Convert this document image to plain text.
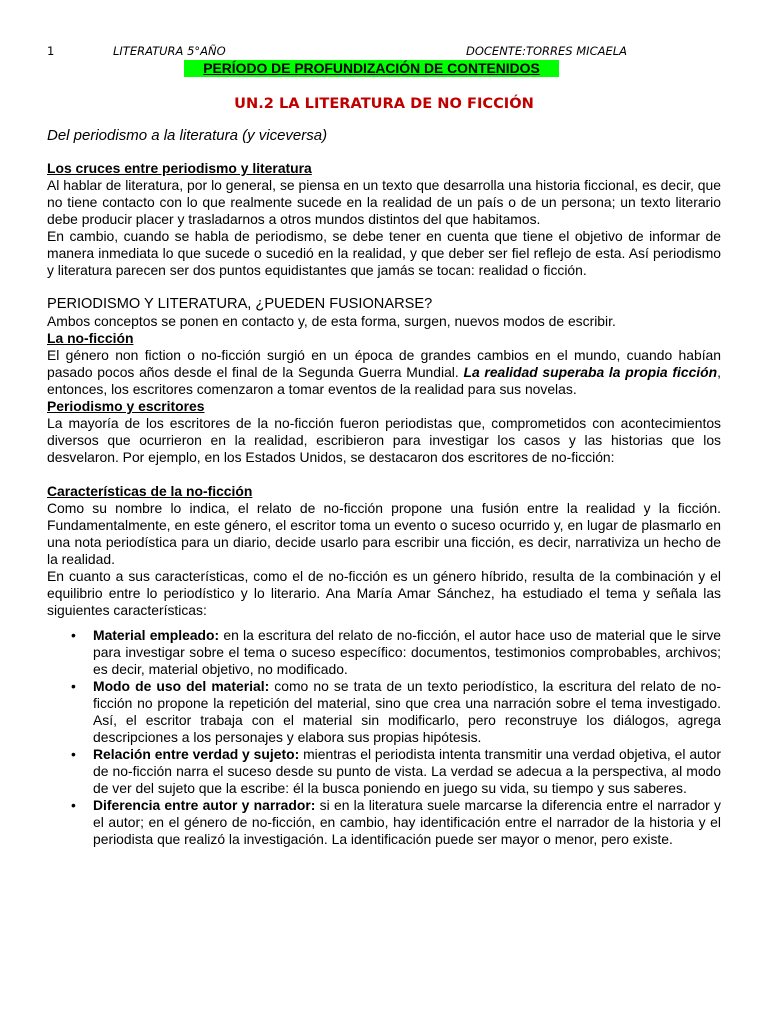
1	LITERATURA 5°AÑO	DOCENTE:TORRES MICAELA
PERÍODO DE PROFUNDIZACIÓN DE CONTENIDOS
UN.2 LA LITERATURA DE NO FICCIÓN

Del periodismo a la literatura (y viceversa)

Los cruces entre periodismo y literatura

Al hablar de literatura, por lo general, se piensa en un texto que desarrolla una historia ficcional, es decir, que no tiene contacto con lo que realmente sucede en la realidad de un país o de un persona; un texto literario debe producir placer y trasladarnos a otros mundos distintos del que habitamos.

En cambio, cuando se habla de periodismo, se debe tener en cuenta que tiene el objetivo de informar de manera inmediata lo que sucede o sucedió en la realidad, y que deber ser fiel reflejo de esta. Así periodismo y literatura parecen ser dos puntos equidistantes que jamás se tocan: realidad o ficción.

PERIODISMO Y LITERATURA, ¿PUEDEN FUSIONARSE?

Ambos conceptos se ponen en contacto y, de esta forma, surgen, nuevos modos de escribir.

La no-ficción

El género non fiction o no-ficción surgió en un época de grandes cambios en el mundo, cuando habían pasado pocos años desde el final de la Segunda Guerra Mundial. La realidad superaba la propia ficción, entonces, los escritores comenzaron a tomar eventos de la realidad para sus novelas.

Periodismo y escritores

La mayoría de los escritores de la no-ficción fueron periodistas que, comprometidos con acontecimientos diversos que ocurrieron en la realidad, escribieron para investigar los casos y las historias que los desvelaron. Por ejemplo, en los Estados Unidos, se destacaron dos escritores de no-ficción:

Características de la no-ficción

Como su nombre lo indica, el relato de no-ficción propone una fusión entre la realidad y la ficción. Fundamentalmente, en este género, el escritor toma un evento o suceso ocurrido y, en lugar de plasmarlo en una nota periodística para un diario, decide usarlo para escribir una ficción, es decir, narrativiza un hecho de la realidad.

En cuanto a sus características, como el de no-ficción es un género híbrido, resulta de la combinación y el equilibrio entre lo periodístico y lo literario. Ana María Amar Sánchez, ha estudiado el tema y señala las siguientes características:

• Material empleado: en la escritura del relato de no-ficción, el autor hace uso de material que le sirve para investigar sobre el tema o suceso específico: documentos, testimonios comprobables, archivos; es decir, material objetivo, no modificado.
• Modo de uso del material: como no se trata de un texto periodístico, la escritura del relato de no-ficción no propone la repetición del material, sino que crea una narración sobre el tema investigado. Así, el escritor trabaja con el material sin modificarlo, pero reconstruye los diálogos, agrega descripciones a los personajes y elabora sus propias hipótesis.
• Relación entre verdad y sujeto: mientras el periodista intenta transmitir una verdad objetiva, el autor de no-ficción narra el suceso desde su punto de vista. La verdad se adecua a la perspectiva, al modo de ver del sujeto que la escribe: él la busca poniendo en juego su vida, su tiempo y sus saberes.
• Diferencia entre autor y narrador: si en la literatura suele marcarse la diferencia entre el narrador y el autor; en el género de no-ficción, en cambio, hay identificación entre el narrador de la historia y el periodista que realizó la investigación. La identificación puede ser mayor o menor, pero existe.
